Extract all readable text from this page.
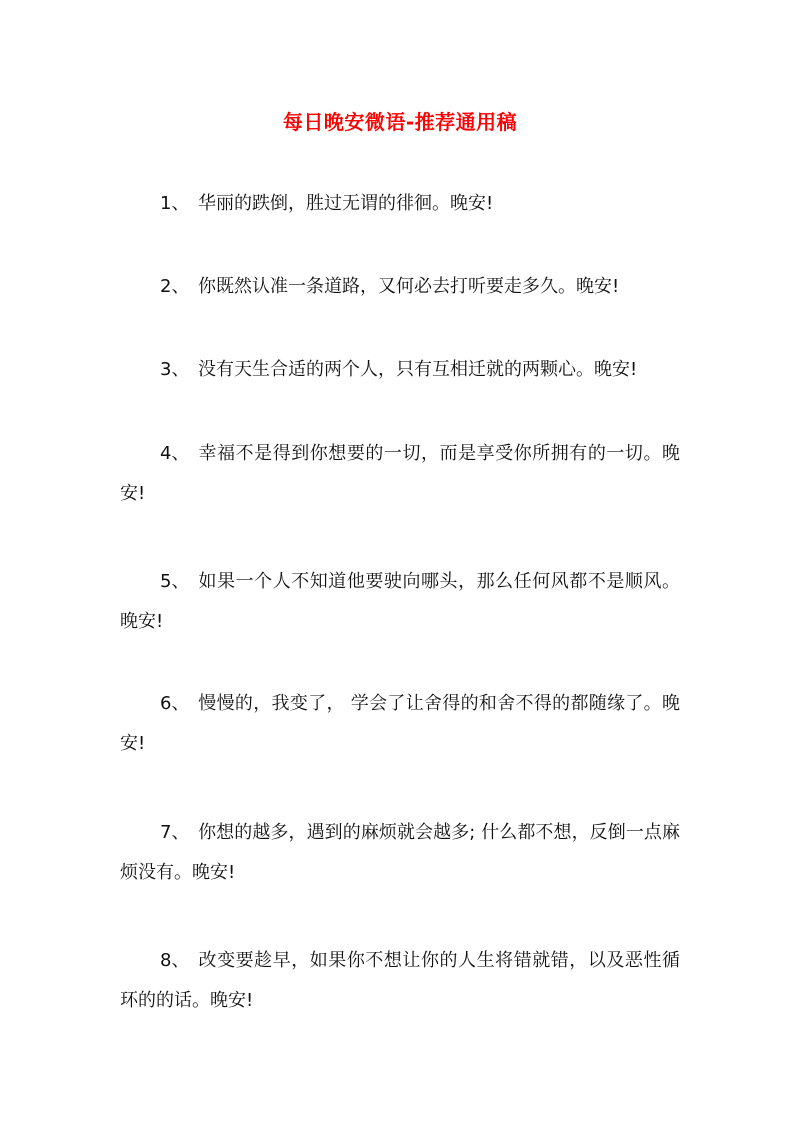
每日晚安微语-推荐通用稿

1、 华丽的跌倒，胜过无谓的徘徊。晚安!

2、 你既然认准一条道路，又何必去打听要走多久。晚安!

3、 没有天生合适的两个人，只有互相迁就的两颗心。晚安!

4、 幸福不是得到你想要的一切，而是享受你所拥有的一切。晚安!

5、 如果一个人不知道他要驶向哪头，那么任何风都不是顺风。晚安!

6、 慢慢的，我变了， 学会了让舍得的和舍不得的都随缘了。晚安!

7、 你想的越多，遇到的麻烦就会越多; 什么都不想，反倒一点麻烦没有。晚安!

8、 改变要趁早，如果你不想让你的人生将错就错，以及恶性循环的的话。晚安!
